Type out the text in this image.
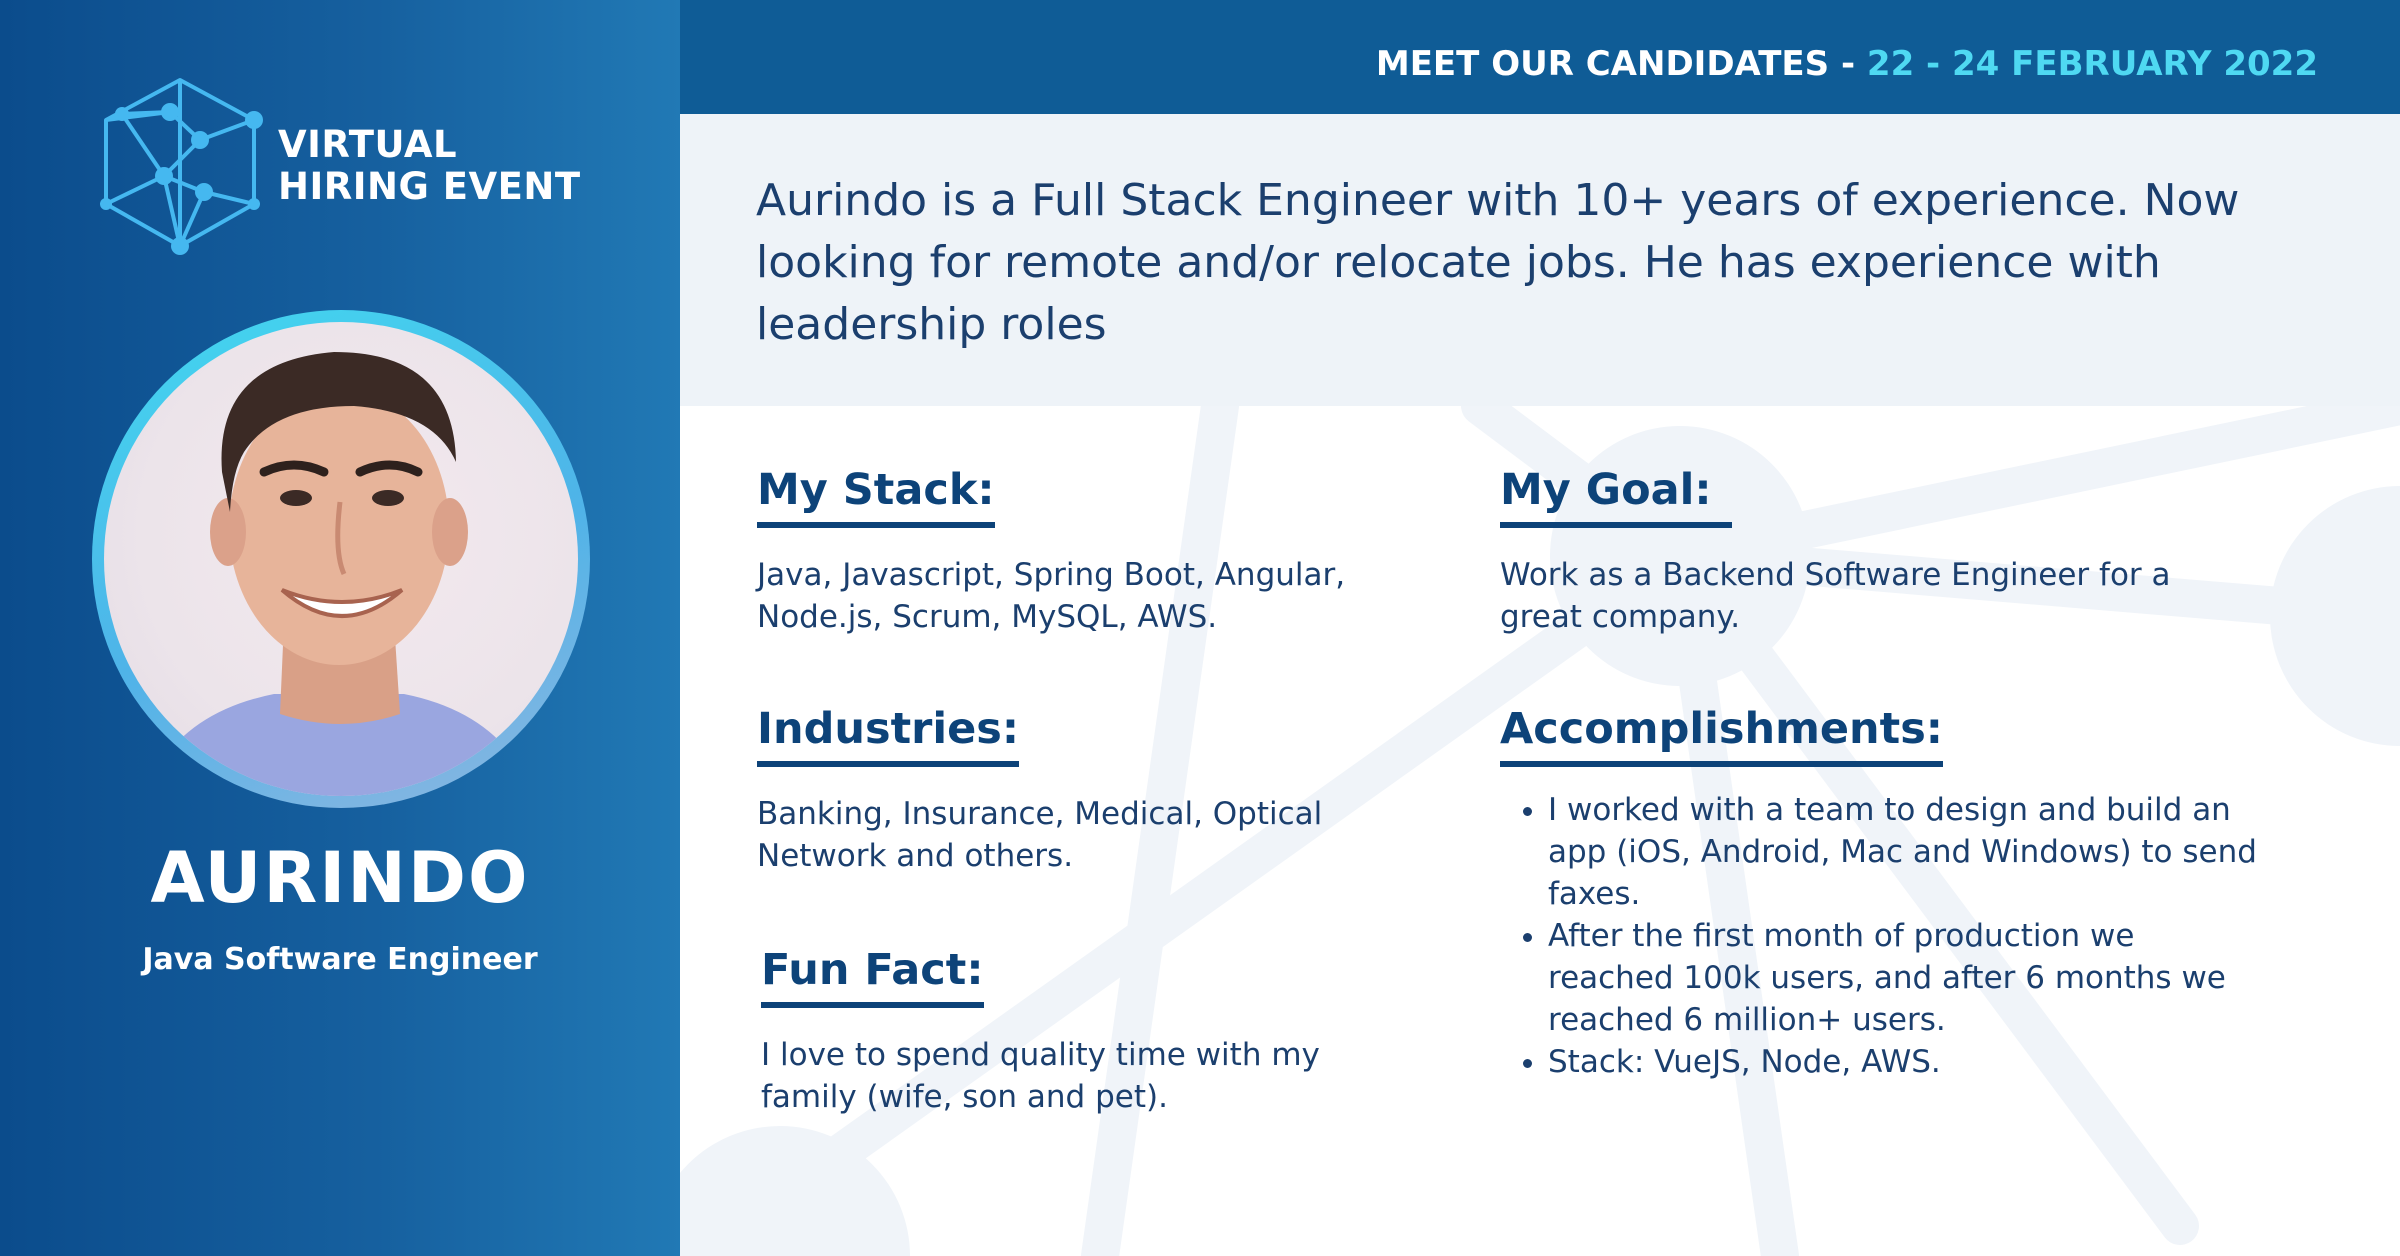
VIRTUAL
HIRING EVENT
AURINDO
Java Software Engineer
MEET OUR CANDIDATES - 22 - 24 FEBRUARY 2022
Aurindo is a Full Stack Engineer with 10+ years of experience. Now looking for remote and/or relocate jobs. He has experience with leadership roles
My Stack:

Java, Javascript, Spring Boot, Angular, Node.js, Scrum, MySQL, AWS.

Industries:

Banking, Insurance, Medical, Optical Network and others.

Fun Fact:

I love to spend quality time with my family (wife, son and pet).

My Goal:

Work as a Backend Software Engineer for a great company.

Accomplishments:
• I worked with a team to design and build an app (iOS, Android, Mac and Windows) to send faxes.
• After the first month of production we reached 100k users, and after 6 months we reached 6 million+ users.
• Stack: VueJS, Node, AWS.
